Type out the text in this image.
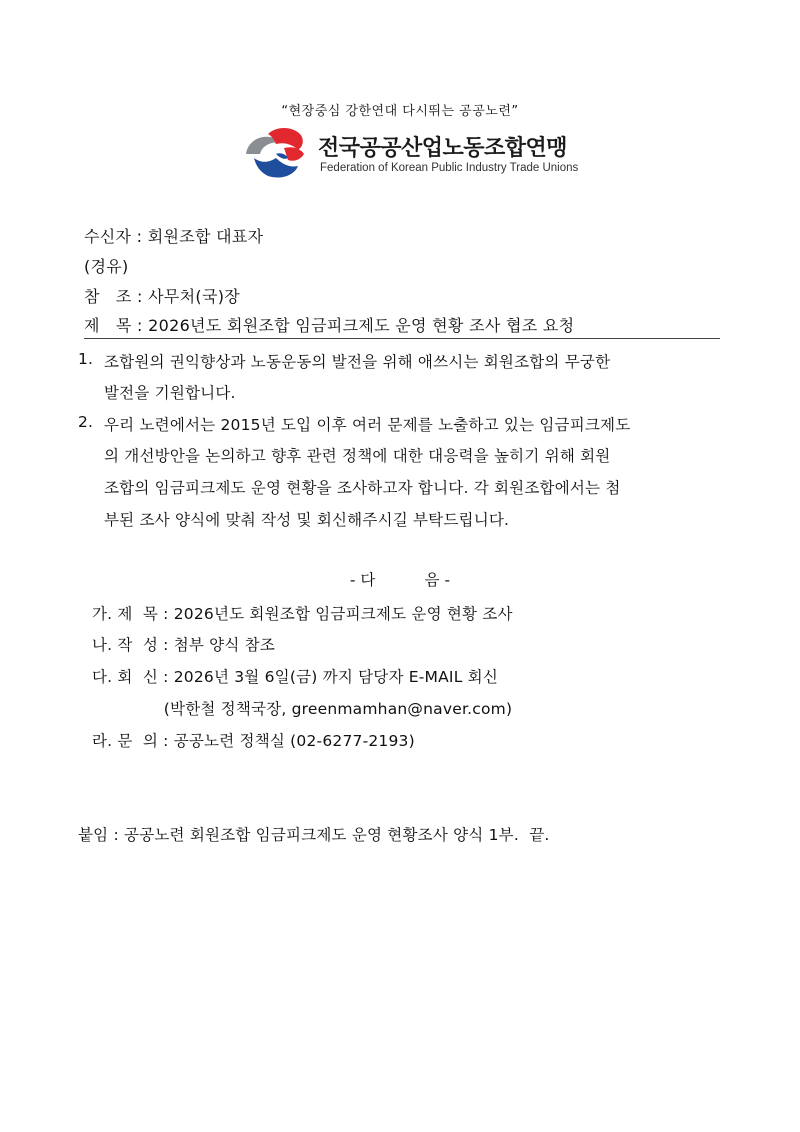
“현장중심 강한연대 다시뛰는 공공노련”
전국공공산업노동조합연맹
Federation of Korean Public Industry Trade Unions
수신자 : 회원조합 대표자
(경유)
참   조 : 사무처(국)장
제   목 : 2026년도 회원조합 임금피크제도 운영 현황 조사 협조 요청
1. 조합원의 권익향상과 노동운동의 발전을 위해 애쓰시는 회원조합의 무궁한
발전을 기원합니다.
2. 우리 노련에서는 2015년 도입 이후 여러 문제를 노출하고 있는 임금피크제도
의 개선방안을 논의하고 향후 관련 정책에 대한 대응력을 높히기 위해 회원
조합의 임금피크제도 운영 현황을 조사하고자 합니다. 각 회원조합에서는 첨
부된 조사 양식에 맞춰 작성 및 회신해주시길 부탁드립니다.
- 다          음 -
가. 제  목 : 2026년도 회원조합 임금피크제도 운영 현황 조사
나. 작  성 : 첨부 양식 참조
다. 회  신 : 2026년 3월 6일(금) 까지 담당자 E-MAIL 회신
(박한철 정책국장, greenmamhan@naver.com)
라. 문  의 : 공공노련 정책실 (02-6277-2193)
붙임 : 공공노련 회원조합 임금피크제도 운영 현황조사 양식 1부.  끝.
